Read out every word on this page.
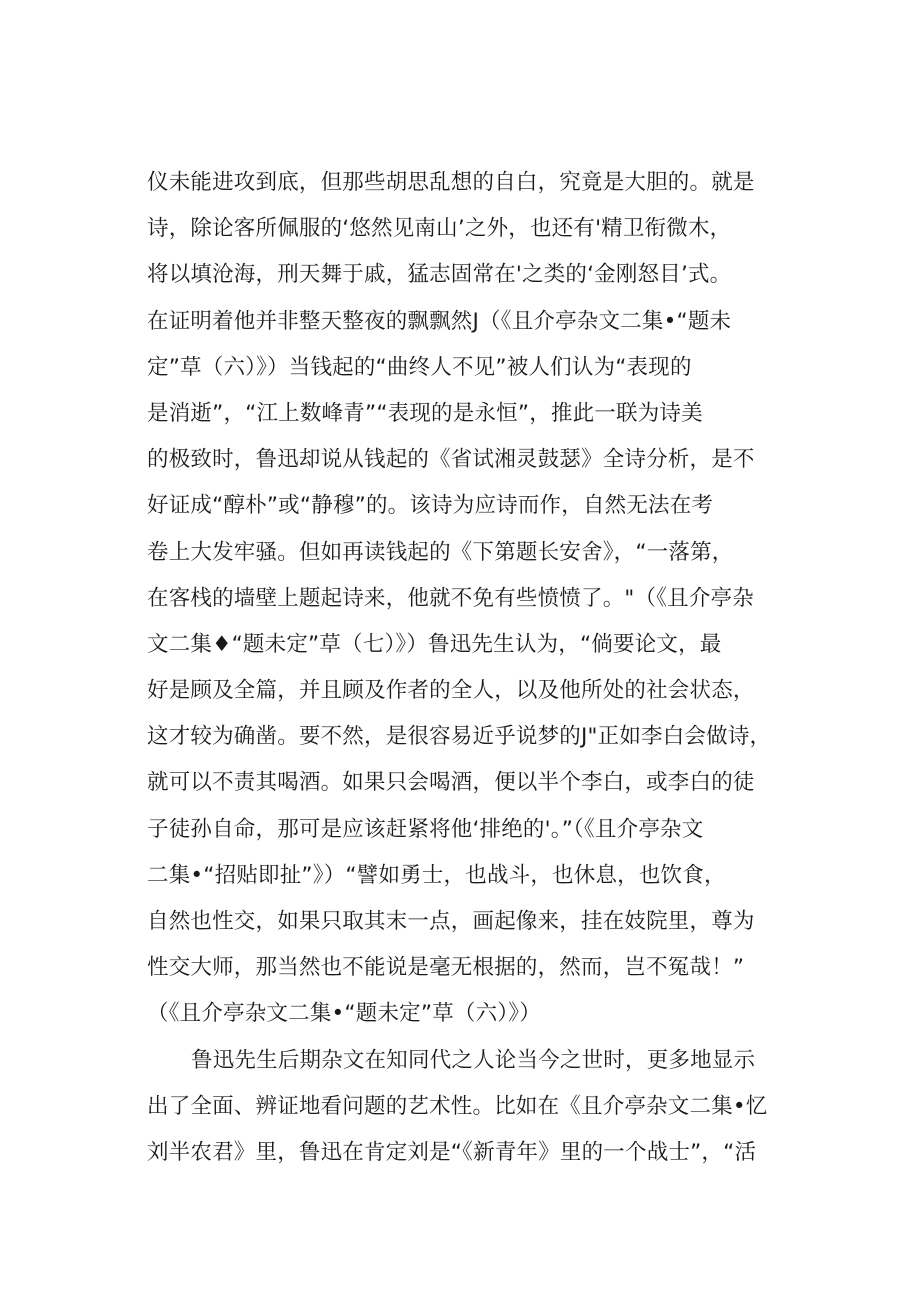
仪未能进攻到底，但那些胡思乱想的自白，究竟是大胆的。就是
诗，除论客所佩服的‘悠然见南山’之外，也还有'精卫衔微木，
将以填沧海，刑天舞于戚，猛志固常在'之类的‘金刚怒目’式。
在证明着他并非整天整夜的飘飘然J（《且介亭杂文二集•“题未
定”草（六）》）当钱起的“曲终人不见”被人们认为“表现的
是消逝”，“江上数峰青”“表现的是永恒”，推此一联为诗美
的极致时，鲁迅却说从钱起的《省试湘灵鼓瑟》全诗分析，是不
好证成“醇朴”或“静穆”的。该诗为应诗而作，自然无法在考
卷上大发牢骚。但如再读钱起的《下第题长安舍》，“一落第，
在客栈的墙壁上题起诗来，他就不免有些愤愤了。"（《且介亭杂
文二集♦“题未定”草（七）》）鲁迅先生认为，“倘要论文，最
好是顾及全篇，并且顾及作者的全人，以及他所处的社会状态，
这才较为确凿。要不然，是很容易近乎说梦的J"正如李白会做诗，
就可以不责其喝酒。如果只会喝酒，便以半个李白，或李白的徒
子徒孙自命，那可是应该赶紧将他‘排绝的'。”（《且介亭杂文
二集•“招贴即扯”》）“譬如勇士，也战斗，也休息，也饮食，
自然也性交，如果只取其末一点，画起像来，挂在妓院里，尊为
性交大师，那当然也不能说是毫无根据的，然而，岂不冤哉！”
（《且介亭杂文二集•“题未定”草（六）》）
鲁迅先生后期杂文在知同代之人论当今之世时，更多地显示
出了全面、辨证地看问题的艺术性。比如在《且介亭杂文二集•忆
刘半农君》里，鲁迅在肯定刘是“《新青年》里的一个战士”，“活
